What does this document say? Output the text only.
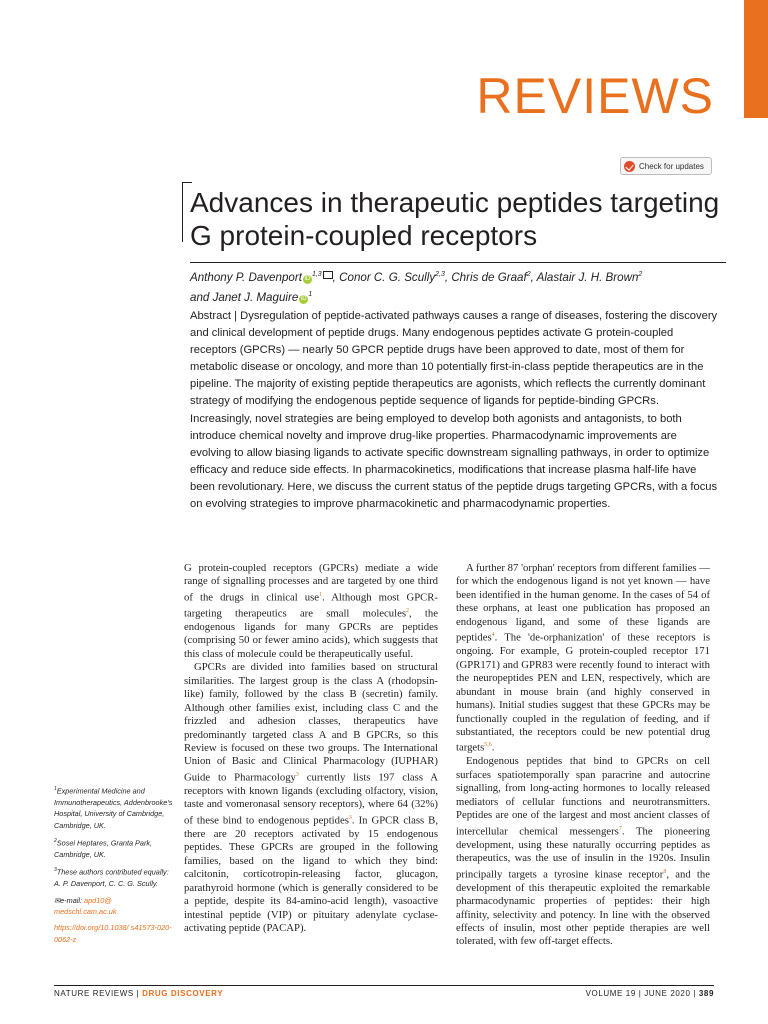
REVIEWS
Check for updates
Advances in therapeutic peptides targeting G protein-coupled receptors
Anthony P. Davenport iD$^{1,3}$ , Conor C. G. Scully$^{2,3}$, Chris de Graaf$^2$, Alastair J. H. Brown$^2$
and Janet J. Maguire $iD^1$

Abstract | Dysregulation of peptide-activated pathways causes a range of diseases, fostering the discovery and clinical development of peptide drugs. Many endogenous peptides activate G protein-coupled receptors (GPCRs) — nearly 50 GPCR peptide drugs have been approved to date, most of them for metabolic disease or oncology, and more than 10 potentially first-in-class peptide therapeutics are in the pipeline. The majority of existing peptide therapeutics are agonists, which reflects the currently dominant strategy of modifying the endogenous peptide sequence of ligands for peptide-binding GPCRs. Increasingly, novel strategies are being employed to develop both agonists and antagonists, to both introduce chemical novelty and improve drug-like properties. Pharmacodynamic improvements are evolving to allow biasing ligands to activate specific downstream signalling pathways, in order to optimize efficacy and reduce side effects. In pharmacokinetics, modifications that increase plasma half-life have been revolutionary. Here, we discuss the current status of the peptide drugs targeting GPCRs, with a focus on evolving strategies to improve pharmacokinetic and pharmacodynamic properties.

G protein-coupled receptors (GPCRs) mediate a wide range of signalling processes and are targeted by one third of the drugs in clinical use$^1$. Although most GPCR-targeting therapeutics are small molecules$^2$, the endogenous ligands for many GPCRs are peptides (comprising 50 or fewer amino acids), which suggests that this class of molecule could be therapeutically useful.

GPCRs are divided into families based on structural similarities. The largest group is the class A (rhodopsin-like) family, followed by the class B (secretin) family. Although other families exist, including class C and the frizzled and adhesion classes, therapeutics have predominantly targeted class A and B GPCRs, so this Review is focused on these two groups. The International Union of Basic and Clinical Pharmacology (IUPHAR) Guide to Pharmacology$^3$ currently lists 197 class A receptors with known ligands (excluding olfactory, vision, taste and vomeronasal sensory receptors), where 64 (32%) of these bind to endogenous peptides$^3$. In GPCR class B, there are 20 receptors activated by 15 endogenous peptides. These GPCRs are grouped in the following families, based on the ligand to which they bind: calcitonin, corticotropin-releasing factor, glucagon, parathyroid hormone (which is generally considered to be a peptide, despite its 84-amino-acid length), vasoactive intestinal peptide (VIP) or pituitary adenylate cyclase-activating peptide (PACAP).

A further 87 'orphan' receptors from different families — for which the endogenous ligand is not yet known — have been identified in the human genome. In the cases of 54 of these orphans, at least one publication has proposed an endogenous ligand, and some of these ligands are peptides$^4$. The 'de-orphanization' of these receptors is ongoing. For example, G protein-coupled receptor 171 (GPR171) and GPR83 were recently found to interact with the neuropeptides PEN and LEN, respectively, which are abundant in mouse brain (and highly conserved in humans). Initial studies suggest that these GPCRs may be functionally coupled in the regulation of feeding, and if substantiated, the receptors could be new potential drug targets$^{5,6}$.

Endogenous peptides that bind to GPCRs on cell surfaces spatiotemporally span paracrine and autocrine signalling, from long-acting hormones to locally released mediators of cellular functions and neurotransmitters. Peptides are one of the largest and most ancient classes of intercellular chemical messengers$^7$. The pioneering development, using these naturally occurring peptides as therapeutics, was the use of insulin in the 1920s. Insulin principally targets a tyrosine kinase receptor$^8$, and the development of this therapeutic exploited the remarkable pharmacodynamic properties of peptides: their high affinity, selectivity and potency. In line with the observed effects of insulin, most other peptide therapies are well tolerated, with few off-target effects.

$^1$Experimental Medicine and Immunotherapeutics, Addenbrooke's Hospital, University of Cambridge, Cambridge, UK.

$^2$Sosei Heptares, Granta Park, Cambridge, UK.

$^3$These authors contributed equally: A. P. Davenport, C. C. G. Scully.

✉e-mail: apd10@ medschl.cam.ac.uk

https://doi.org/10.1038/ s41573-020-0062-z

NATURE REVIEWS | DRUG DISCOVERY	VOLUME 19 | JUNE 2020 | 389
